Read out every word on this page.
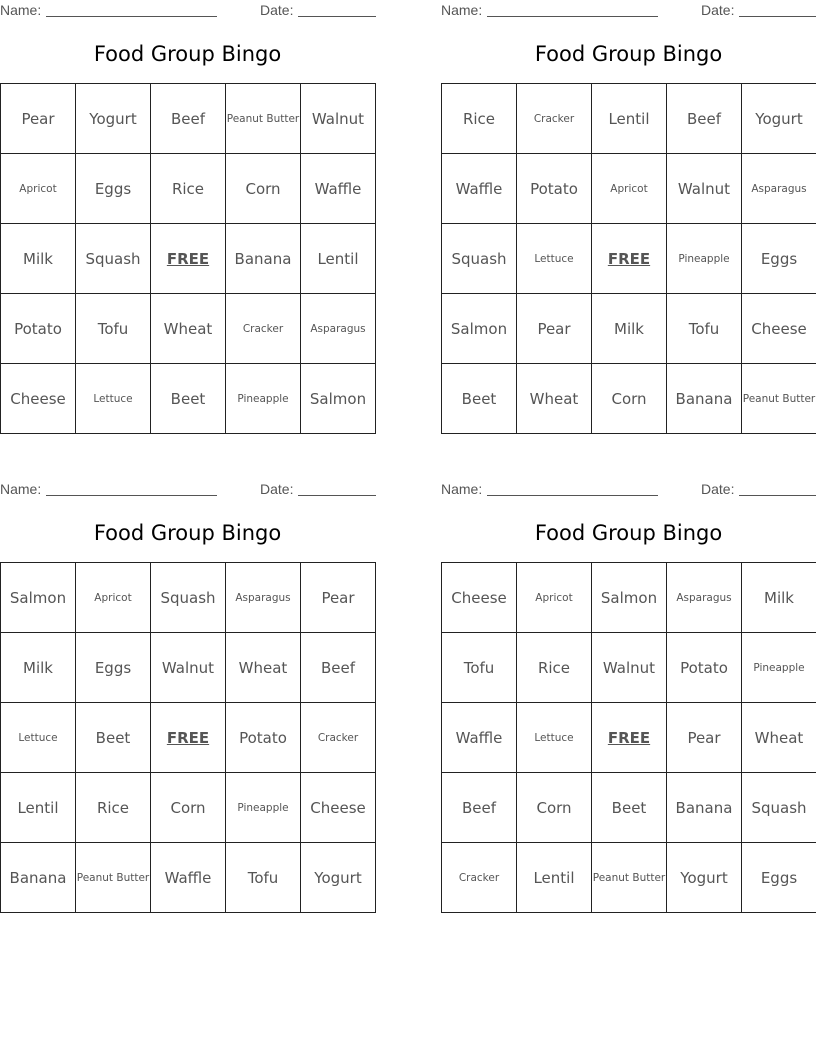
Name:	Date:
Food Group Bingo
Pear	Yogurt	Beef	Peanut Butter	Walnut
Apricot	Eggs	Rice	Corn	Waffle
Milk	Squash	FREE	Banana	Lentil
Potato	Tofu	Wheat	Cracker	Asparagus
Cheese	Lettuce	Beet	Pineapple	Salmon
Name:	Date:
Food Group Bingo
Rice	Cracker	Lentil	Beef	Yogurt
Waffle	Potato	Apricot	Walnut	Asparagus
Squash	Lettuce	FREE	Pineapple	Eggs
Salmon	Pear	Milk	Tofu	Cheese
Beet	Wheat	Corn	Banana	Peanut Butter
Name:	Date:
Food Group Bingo
Salmon	Apricot	Squash	Asparagus	Pear
Milk	Eggs	Walnut	Wheat	Beef
Lettuce	Beet	FREE	Potato	Cracker
Lentil	Rice	Corn	Pineapple	Cheese
Banana	Peanut Butter	Waffle	Tofu	Yogurt
Name:	Date:
Food Group Bingo
Cheese	Apricot	Salmon	Asparagus	Milk
Tofu	Rice	Walnut	Potato	Pineapple
Waffle	Lettuce	FREE	Pear	Wheat
Beef	Corn	Beet	Banana	Squash
Cracker	Lentil	Peanut Butter	Yogurt	Eggs
